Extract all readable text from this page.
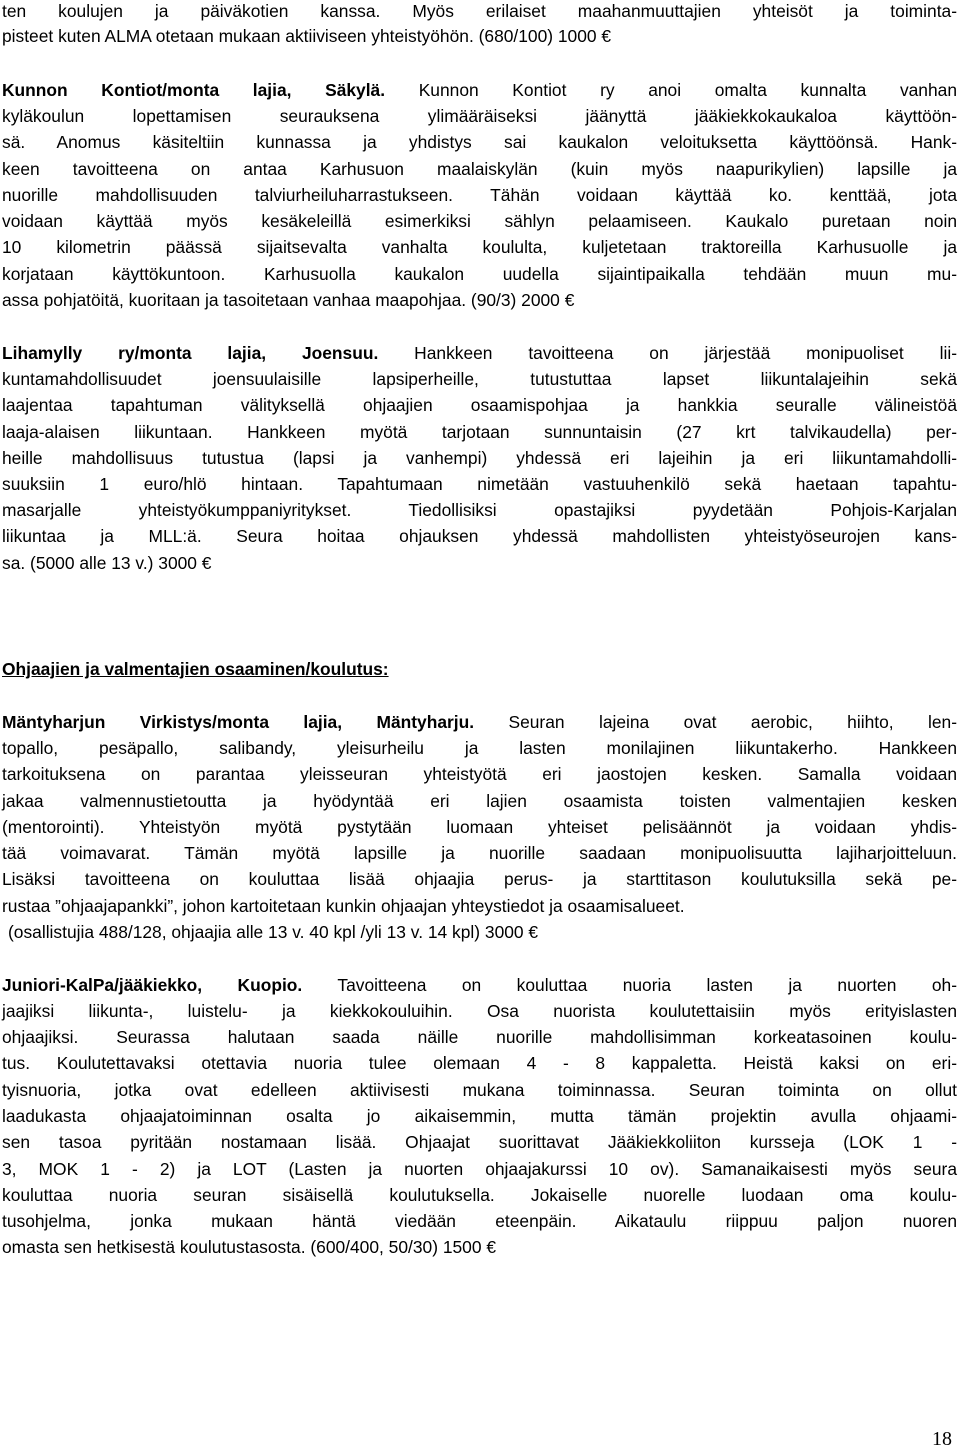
ten koulujen ja päiväkotien kanssa. Myös erilaiset maahanmuuttajien yhteisöt ja toiminta-
pisteet kuten ALMA otetaan mukaan aktiiviseen yhteistyöhön. (680/100) 1000 €
Kunnon Kontiot/monta lajia, Säkylä. Kunnon Kontiot ry anoi omalta kunnalta vanhan
kyläkoulun lopettamisen seurauksena ylimääräiseksi jäänyttä jääkiekkokaukaloa käyttöön-
sä. Anomus käsiteltiin kunnassa ja yhdistys sai kaukalon veloituksetta käyttöönsä. Hank-
keen tavoitteena on antaa Karhusuon maalaiskylän (kuin myös naapurikylien) lapsille ja
nuorille mahdollisuuden talviurheiluharrastukseen. Tähän voidaan käyttää ko. kenttää, jota
voidaan käyttää myös kesäkeleillä esimerkiksi sählyn pelaamiseen. Kaukalo puretaan noin
10 kilometrin päässä sijaitsevalta vanhalta koululta, kuljetetaan traktoreilla Karhusuolle ja
korjataan käyttökuntoon. Karhusuolla kaukalon uudella sijaintipaikalla tehdään muun mu-
assa pohjatöitä, kuoritaan ja tasoitetaan vanhaa maapohjaa. (90/3) 2000 €
Lihamylly ry/monta lajia, Joensuu. Hankkeen tavoitteena on järjestää monipuoliset lii-
kuntamahdollisuudet joensuulaisille lapsiperheille, tutustuttaa lapset liikuntalajeihin sekä
laajentaa tapahtuman välityksellä ohjaajien osaamispohjaa ja hankkia seuralle välineistöä
laaja-alaisen liikuntaan. Hankkeen myötä tarjotaan sunnuntaisin (27 krt talvikaudella) per-
heille mahdollisuus tutustua (lapsi ja vanhempi) yhdessä eri lajeihin ja eri liikuntamahdolli-
suuksiin 1 euro/hlö hintaan. Tapahtumaan nimetään vastuuhenkilö sekä haetaan tapahtu-
masarjalle yhteistyökumppaniyritykset. Tiedollisiksi opastajiksi pyydetään Pohjois-Karjalan
liikuntaa ja MLL:ä. Seura hoitaa ohjauksen yhdessä mahdollisten yhteistyöseurojen kans-
sa. (5000 alle 13 v.) 3000 €
Ohjaajien ja valmentajien osaaminen/koulutus:
Mäntyharjun Virkistys/monta lajia, Mäntyharju. Seuran lajeina ovat aerobic, hiihto, len-
topallo, pesäpallo, salibandy, yleisurheilu ja lasten monilajinen liikuntakerho. Hankkeen
tarkoituksena on parantaa yleisseuran yhteistyötä eri jaostojen kesken. Samalla voidaan
jakaa valmennustietoutta ja hyödyntää eri lajien osaamista toisten valmentajien kesken
(mentorointi). Yhteistyön myötä pystytään luomaan yhteiset pelisäännöt ja voidaan yhdis-
tää voimavarat. Tämän myötä lapsille ja nuorille saadaan monipuolisuutta lajiharjoitteluun.
Lisäksi tavoitteena on kouluttaa lisää ohjaajia perus- ja starttitason koulutuksilla sekä pe-
rustaa ”ohjaajapankki”, johon kartoitetaan kunkin ohjaajan yhteystiedot ja osaamisalueet.
(osallistujia 488/128, ohjaajia alle 13 v. 40 kpl /yli 13 v. 14 kpl) 3000 €
Juniori-KalPa/jääkiekko, Kuopio. Tavoitteena on kouluttaa nuoria lasten ja nuorten oh-
jaajiksi liikunta-, luistelu- ja kiekkokouluihin. Osa nuorista koulutettaisiin myös erityislasten
ohjaajiksi. Seurassa halutaan saada näille nuorille mahdollisimman korkeatasoinen koulu-
tus. Koulutettavaksi otettavia nuoria tulee olemaan 4 - 8 kappaletta. Heistä kaksi on eri-
tyisnuoria, jotka ovat edelleen aktiivisesti mukana toiminnassa. Seuran toiminta on ollut
laadukasta ohjaajatoiminnan osalta jo aikaisemmin, mutta tämän projektin avulla ohjaami-
sen tasoa pyritään nostamaan lisää. Ohjaajat suorittavat Jääkiekkoliiton kursseja (LOK 1 -
3, MOK 1 - 2) ja LOT (Lasten ja nuorten ohjaajakurssi 10 ov). Samanaikaisesti myös seura
kouluttaa nuoria seuran sisäisellä koulutuksella. Jokaiselle nuorelle luodaan oma koulu-
tusohjelma, jonka mukaan häntä viedään eteenpäin. Aikataulu riippuu paljon nuoren
omasta sen hetkisestä koulutustasosta. (600/400, 50/30) 1500 €
18
